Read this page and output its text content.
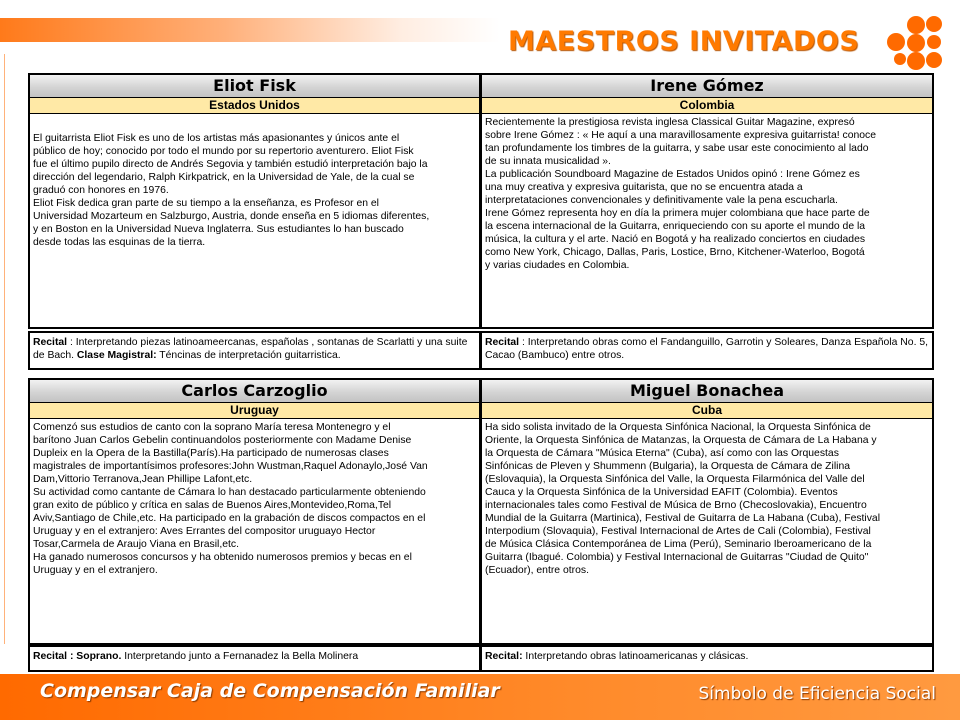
MAESTROS INVITADOS
Eliot Fisk
Estados Unidos
El guitarrista Eliot Fisk es uno de los artistas más apasionantes y únicos ante el
público de hoy; conocido por todo el mundo por su repertorio aventurero. Eliot Fisk
fue el último pupilo directo de Andrés Segovia y también estudió interpretación bajo la
dirección del legendario, Ralph Kirkpatrick, en la Universidad de Yale, de la cual se
graduó con honores en 1976.
Eliot Fisk dedica gran parte de su tiempo a la enseñanza, es Profesor en el
Universidad Mozarteum en Salzburgo, Austria, donde enseña en 5 idiomas diferentes,
y en Boston en la Universidad Nueva Inglaterra. Sus estudiantes lo han buscado
desde todas las esquinas de la tierra.
Recital : Interpretando piezas latinoameercanas, españolas , sontanas de Scarlatti y una suite de Bach. Clase Magistral: Téncinas de interpretación guitarristica.
Irene Gómez
Colombia
Recientemente la prestigiosa revista inglesa Classical Guitar Magazine, expresó
sobre Irene Gómez : « He aquí a una maravillosamente expresiva guitarrista! conoce
tan profundamente los timbres de la guitarra, y sabe usar este conocimiento al lado
de su innata musicalidad ».
La publicación Soundboard Magazine de Estados Unidos opinó : Irene Gómez es
una muy creativa y expresiva guitarista, que no se encuentra atada a
interpretataciones convencionales y definitivamente vale la pena escucharla.
Irene Gómez representa hoy en día la primera mujer colombiana que hace parte de
la escena internacional de la Guitarra, enriqueciendo con su aporte el mundo de la
música, la cultura y el arte. Nació en Bogotá y ha realizado conciertos en ciudades
como New York, Chicago, Dallas, Paris, Lostice, Brno, Kitchener-Waterloo, Bogotá
y varias ciudades en Colombia.
Recital : Interpretando obras como el Fandanguillo, Garrotin y Soleares, Danza Española No. 5, Cacao (Bambuco) entre otros.
Carlos Carzoglio
Uruguay
Comenzó sus estudios de canto con la soprano María teresa Montenegro y el
barítono Juan Carlos Gebelin continuandolos posteriormente con Madame Denise
Dupleix en la Opera de la Bastilla(París).Ha participado de numerosas clases
magistrales de importantísimos profesores:John Wustman,Raquel Adonaylo,José Van
Dam,Vittorio Terranova,Jean Phillipe Lafont,etc.
Su actividad como cantante de Cámara lo han destacado particularmente obteniendo
gran exito de público y crítica en salas de Buenos Aires,Montevideo,Roma,Tel
Aviv,Santiago de Chile,etc. Ha participado en la grabación de discos compactos en el
Uruguay y en el extranjero: Aves Errantes del compositor uruguayo Hector
Tosar,Carmela de Araujo Viana en Brasil,etc.
Ha ganado numerosos concursos y ha obtenido numerosos premios y becas en el
Uruguay y en el extranjero.
Recital : Soprano. Interpretando junto a Fernanadez la Bella Molinera
Miguel Bonachea
Cuba
Ha sido solista invitado de la Orquesta Sinfónica Nacional, la Orquesta Sinfónica de
Oriente, la Orquesta Sinfónica de Matanzas, la Orquesta de Cámara de La Habana y
la Orquesta de Cámara "Música Eterna" (Cuba), así como con las Orquestas
Sinfónicas de Pleven y Shummenn (Bulgaria), la Orquesta de Cámara de Zilina
(Eslovaquia), la Orquesta Sinfónica del Valle, la Orquesta Filarmónica del Valle del
Cauca y la Orquesta Sinfónica de la Universidad EAFIT (Colombia). Eventos
internacionales tales como Festival de Música de Brno (Checoslovakia), Encuentro
Mundial de la Guitarra (Martinica), Festival de Guitarra de La Habana (Cuba), Festival
Interpodium (Slovaquia), Festival Internacional de Artes de Cali (Colombia), Festival
de Música Clásica Contemporánea de Lima (Perú), Seminario Iberoamericano de la
Guitarra (Ibagué. Colombia) y Festival Internacional de Guitarras "Ciudad de Quito"
(Ecuador), entre otros.
Recital: Interpretando obras latinoamericanas y clásicas.
Compensar Caja de Compensación Familiar	Símbolo de Eficiencia Social
